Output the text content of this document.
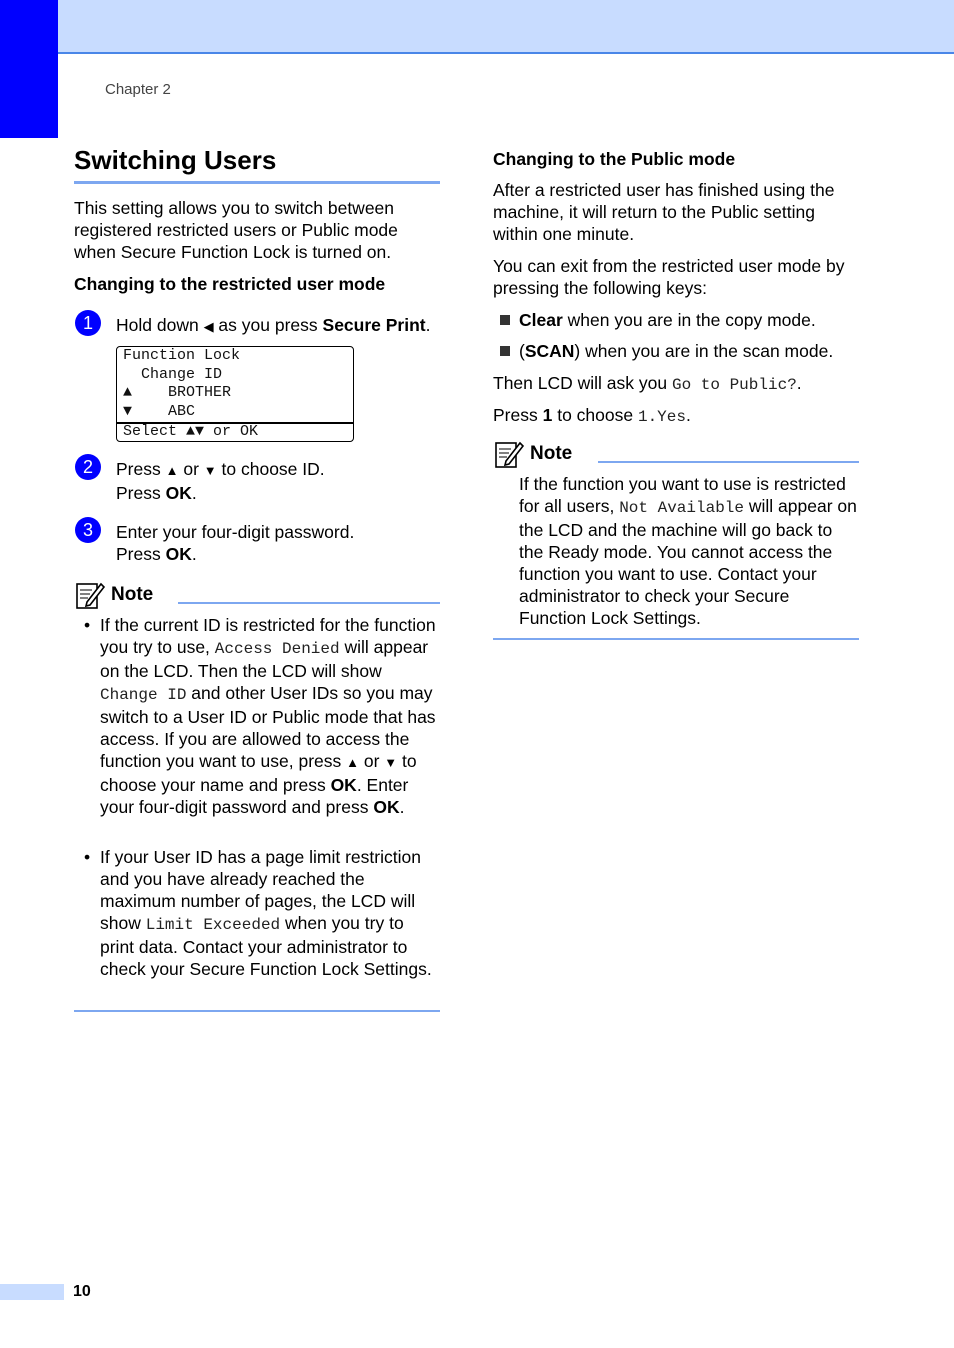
Chapter 2
Switching Users

This setting allows you to switch between registered restricted users or Public mode when Secure Function Lock is turned on.

Changing to the restricted user mode

1	Hold down ◀ as you press Secure Print.

Function Lock
Change ID
▲    BROTHER
▼    ABC
Select ▲▼ or OK
2	Press ▲ or ▼ to choose ID.
Press OK.

3	Enter your four-digit password.
Press OK.

Note
• If the current ID is restricted for the function you try to use, Access Denied will appear on the LCD. Then the LCD will show Change ID and other User IDs so you may switch to a User ID or Public mode that has access. If you are allowed to access the function you want to use, press ▲ or ▼ to choose your name and press OK. Enter your four-digit password and press OK.

• If your User ID has a page limit restriction and you have already reached the maximum number of pages, the LCD will show Limit Exceeded when you try to print data. Contact your administrator to check your Secure Function Lock Settings.

Changing to the Public mode

After a restricted user has finished using the machine, it will return to the Public setting within one minute.

You can exit from the restricted user mode by pressing the following keys:

Clear when you are in the copy mode.

(SCAN) when you are in the scan mode.

Then LCD will ask you Go to Public?.

Press 1 to choose 1.Yes.

Note

If the function you want to use is restricted for all users, Not Available will appear on the LCD and the machine will go back to the Ready mode. You cannot access the function you want to use. Contact your administrator to check your Secure Function Lock Settings.

10
